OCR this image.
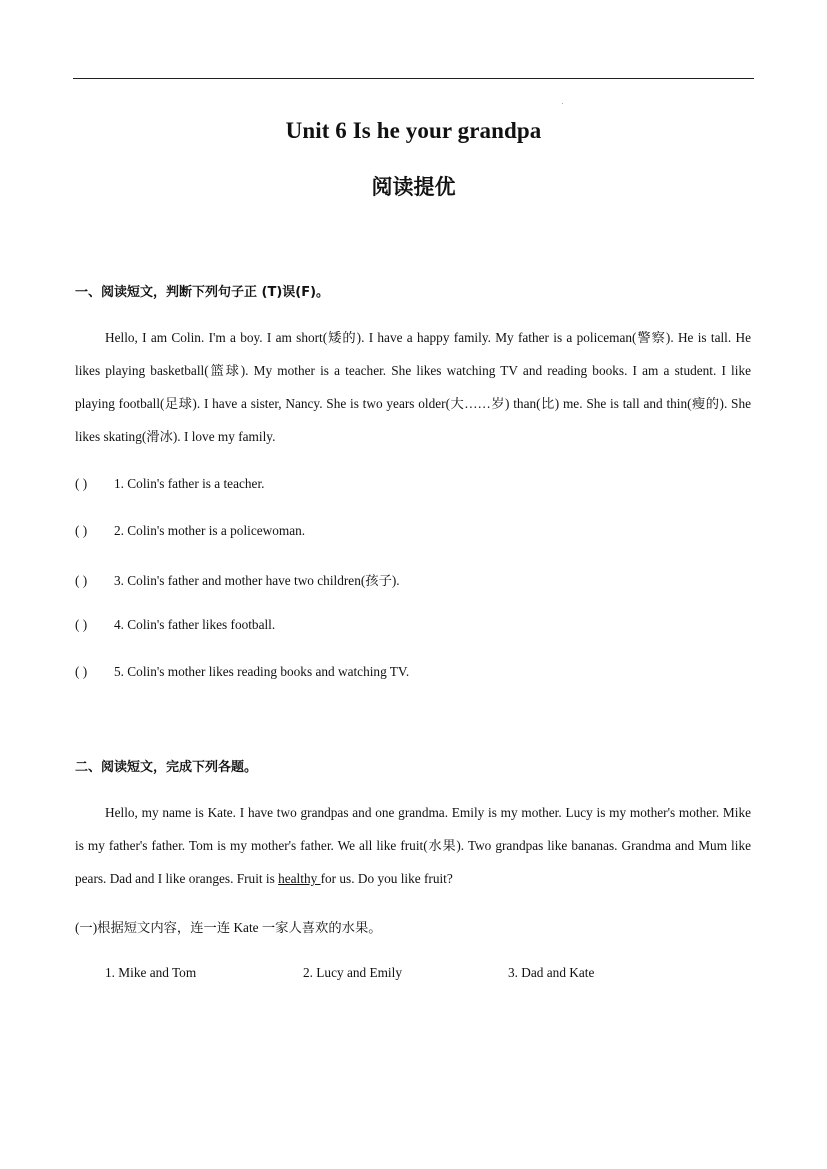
Unit 6 Is he your grandpa
阅读提优
一、阅读短文，判断下列句子正 (T)误(F)。

Hello, I am Colin. I'm a boy. I am short(矮的). I have a happy family. My father is a policeman(警察). He is tall. He likes playing basketball(篮球). My mother is a teacher. She likes watching TV and reading books. I am a student. I like playing football(足球). I have a sister, Nancy. She is two years older(大……岁) than(比) me. She is tall and thin(瘦的). She likes skating(滑冰). I love my family.

( ) 1. Colin's father is a teacher.
( ) 2. Colin's mother is a policewoman.
( ) 3. Colin's father and mother have two children(孩子).
( ) 4. Colin's father likes football.
( ) 5. Colin's mother likes reading books and watching TV.
二、阅读短文，完成下列各题。

Hello, my name is Kate. I have two grandpas and one grandma. Emily is my mother. Lucy is my mother's mother. Mike is my father's father. Tom is my mother's father. We all like fruit(水果). Two grandpas like bananas. Grandma and Mum like pears. Dad and I like oranges. Fruit is healthy for us. Do you like fruit?

(一)根据短文内容，连一连 Kate 一家人喜欢的水果。
1. Mike and Tom	2. Lucy and Emily	3. Dad and Kate
